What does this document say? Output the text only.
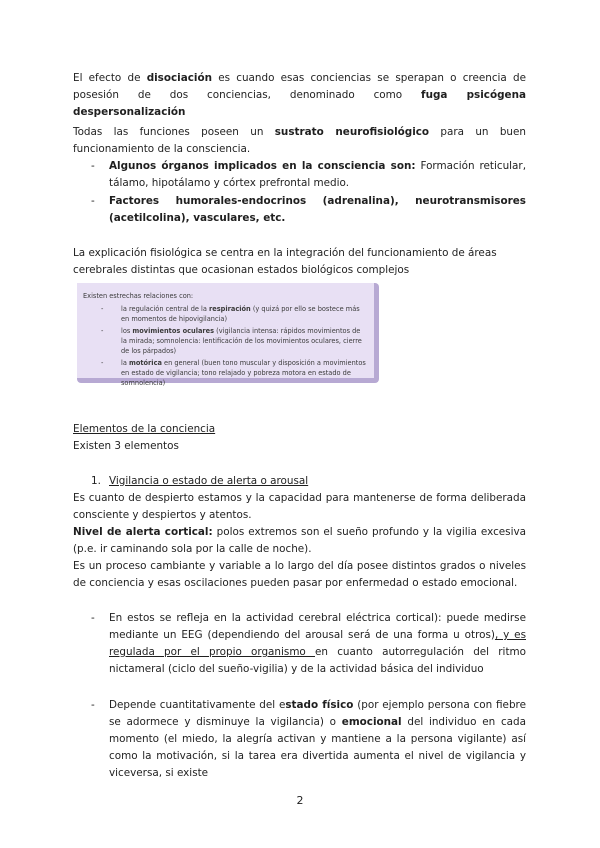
El efecto de disociación es cuando esas conciencias se sperapan o creencia de posesión de dos conciencias, denominado como fuga psicógena despersonalización

Todas las funciones poseen un sustrato neurofisiológico para un buen funcionamiento de la consciencia.

- Algunos órganos implicados en la consciencia son: Formación reticular, tálamo, hipotálamo y córtex prefrontal medio.
- Factores humorales-endocrinos (adrenalina), neurotransmisores (acetilcolina), vasculares, etc.

La explicación fisiológica se centra en la integración del funcionamiento de áreas cerebrales distintas que ocasionan estados biológicos complejos

Existen estrechas relaciones con:

-	la regulación central de la respiración (y quizá por ello se bostece más en momentos de hipovigilancia)

-	los movimientos oculares (vigilancia intensa: rápidos movimientos de la mirada; somnolencia: lentificación de los movimientos oculares, cierre de los párpados)

-	la motórica en general (buen tono muscular y disposición a movimientos en estado de vigilancia; tono relajado y pobreza motora en estado de somnolencia)

Elementos de la conciencia

Existen 3 elementos

1. Vigilancia o estado de alerta o arousal

Es cuanto de despierto estamos y la capacidad para mantenerse de forma deliberada consciente y despiertos y atentos.

Nivel de alerta cortical: polos extremos son el sueño profundo y la vigilia excesiva (p.e. ir caminando sola por la calle de noche).

Es un proceso cambiante y variable a lo largo del día posee distintos grados o niveles de conciencia y esas oscilaciones pueden pasar por enfermedad o estado emocional.

- En estos se refleja en la actividad cerebral eléctrica cortical): puede medirse mediante un EEG (dependiendo del arousal será de una forma u otros), y es regulada por el propio organismo en cuanto autorregulación del ritmo nictameral (ciclo del sueño-vigilia) y de la actividad básica del individuo
- Depende cuantitativamente del estado físico (por ejemplo persona con fiebre se adormece y disminuye la vigilancia) o emocional del individuo en cada momento (el miedo, la alegría activan y mantiene a la persona vigilante) así como la motivación, si la tarea era divertida aumenta el nivel de vigilancia y viceversa, si existe
2
